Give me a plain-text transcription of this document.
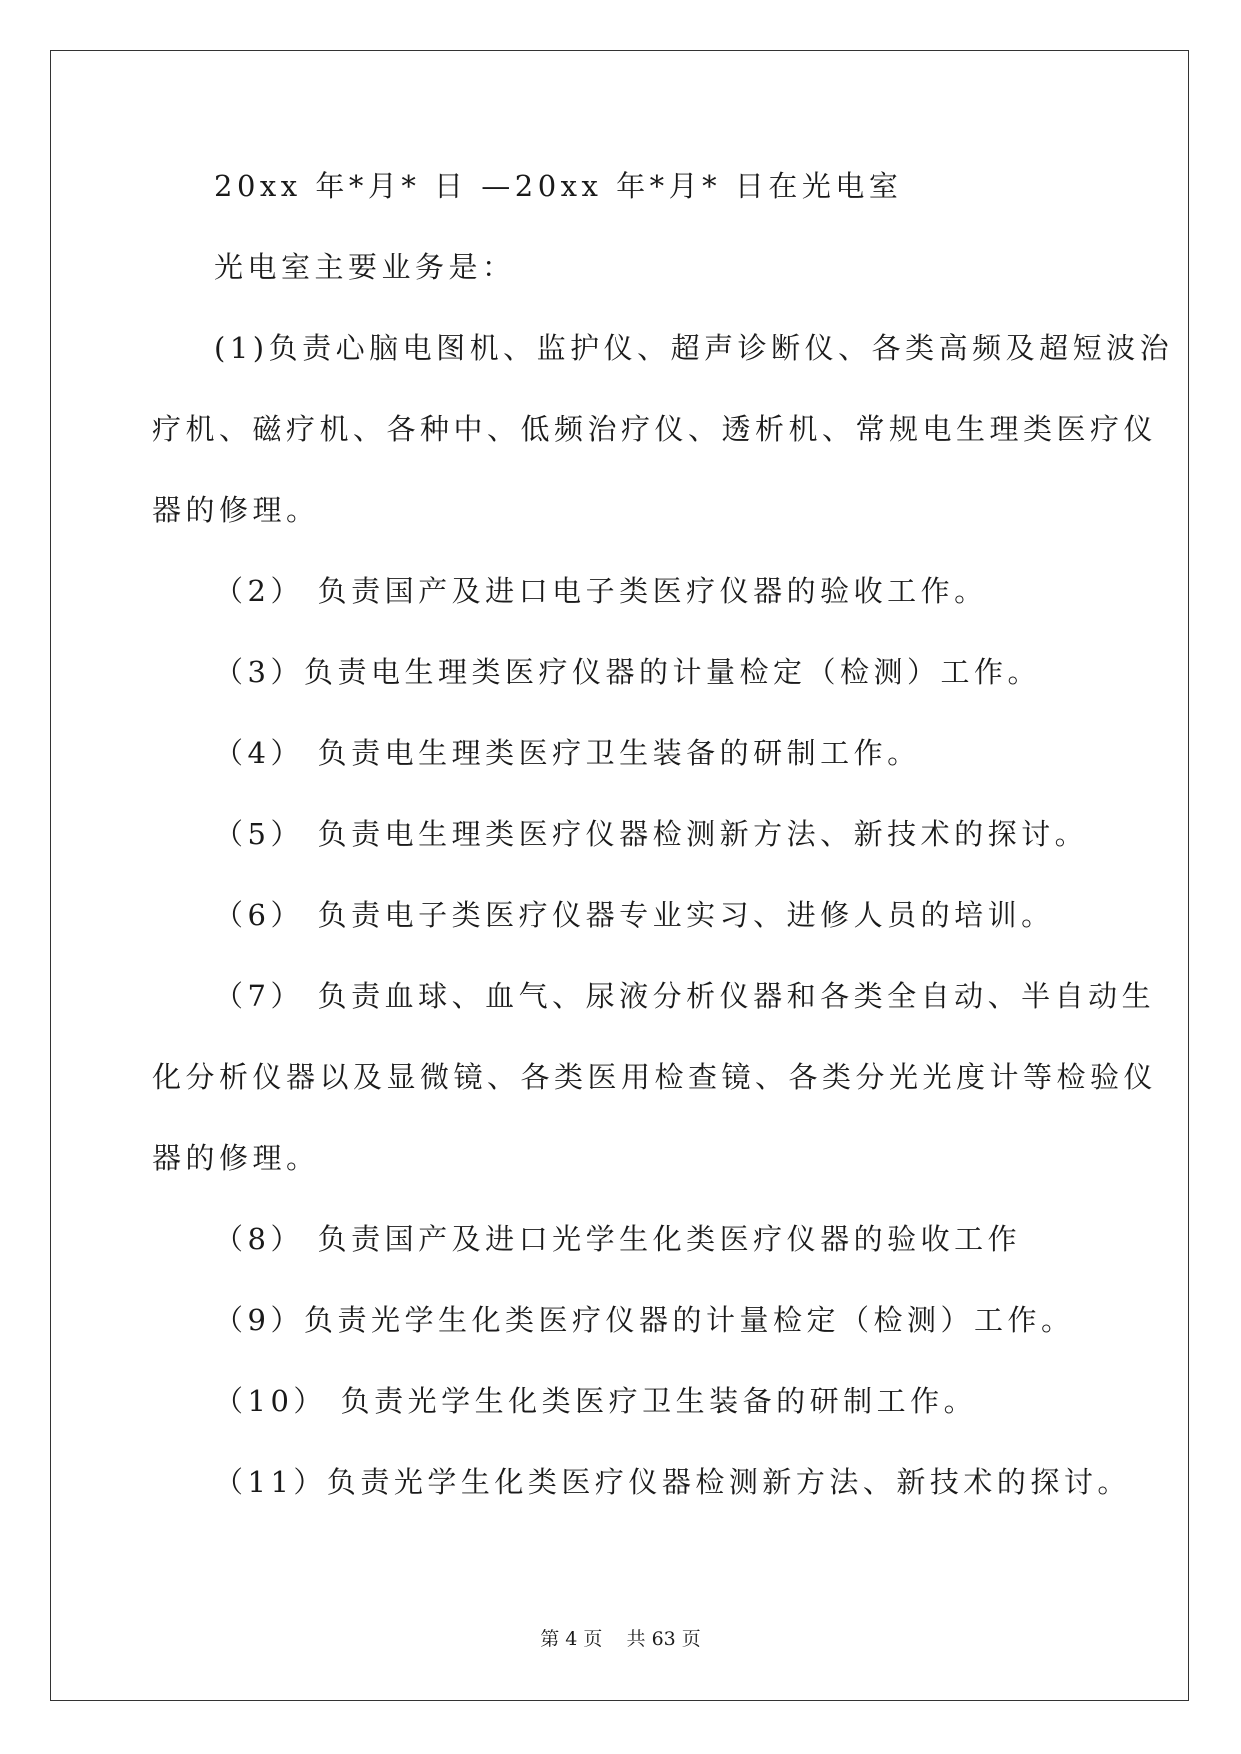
20xx 年*月* 日 —20xx 年*月* 日在光电室

光电室主要业务是：

(1)负责心脑电图机、监护仪、超声诊断仪、各类高频及超短波治

疗机、磁疗机、各种中、低频治疗仪、透析机、常规电生理类医疗仪

器的修理。

（2） 负责国产及进口电子类医疗仪器的验收工作。

（3）负责电生理类医疗仪器的计量检定（检测）工作。

（4） 负责电生理类医疗卫生装备的研制工作。

（5） 负责电生理类医疗仪器检测新方法、新技术的探讨。

（6） 负责电子类医疗仪器专业实习、进修人员的培训。

（7） 负责血球、血气、尿液分析仪器和各类全自动、半自动生

化分析仪器以及显微镜、各类医用检查镜、各类分光光度计等检验仪

器的修理。

（8） 负责国产及进口光学生化类医疗仪器的验收工作

（9）负责光学生化类医疗仪器的计量检定（检测）工作。

（10） 负责光学生化类医疗卫生装备的研制工作。

（11）负责光学生化类医疗仪器检测新方法、新技术的探讨。

第 4 页 共 63 页
